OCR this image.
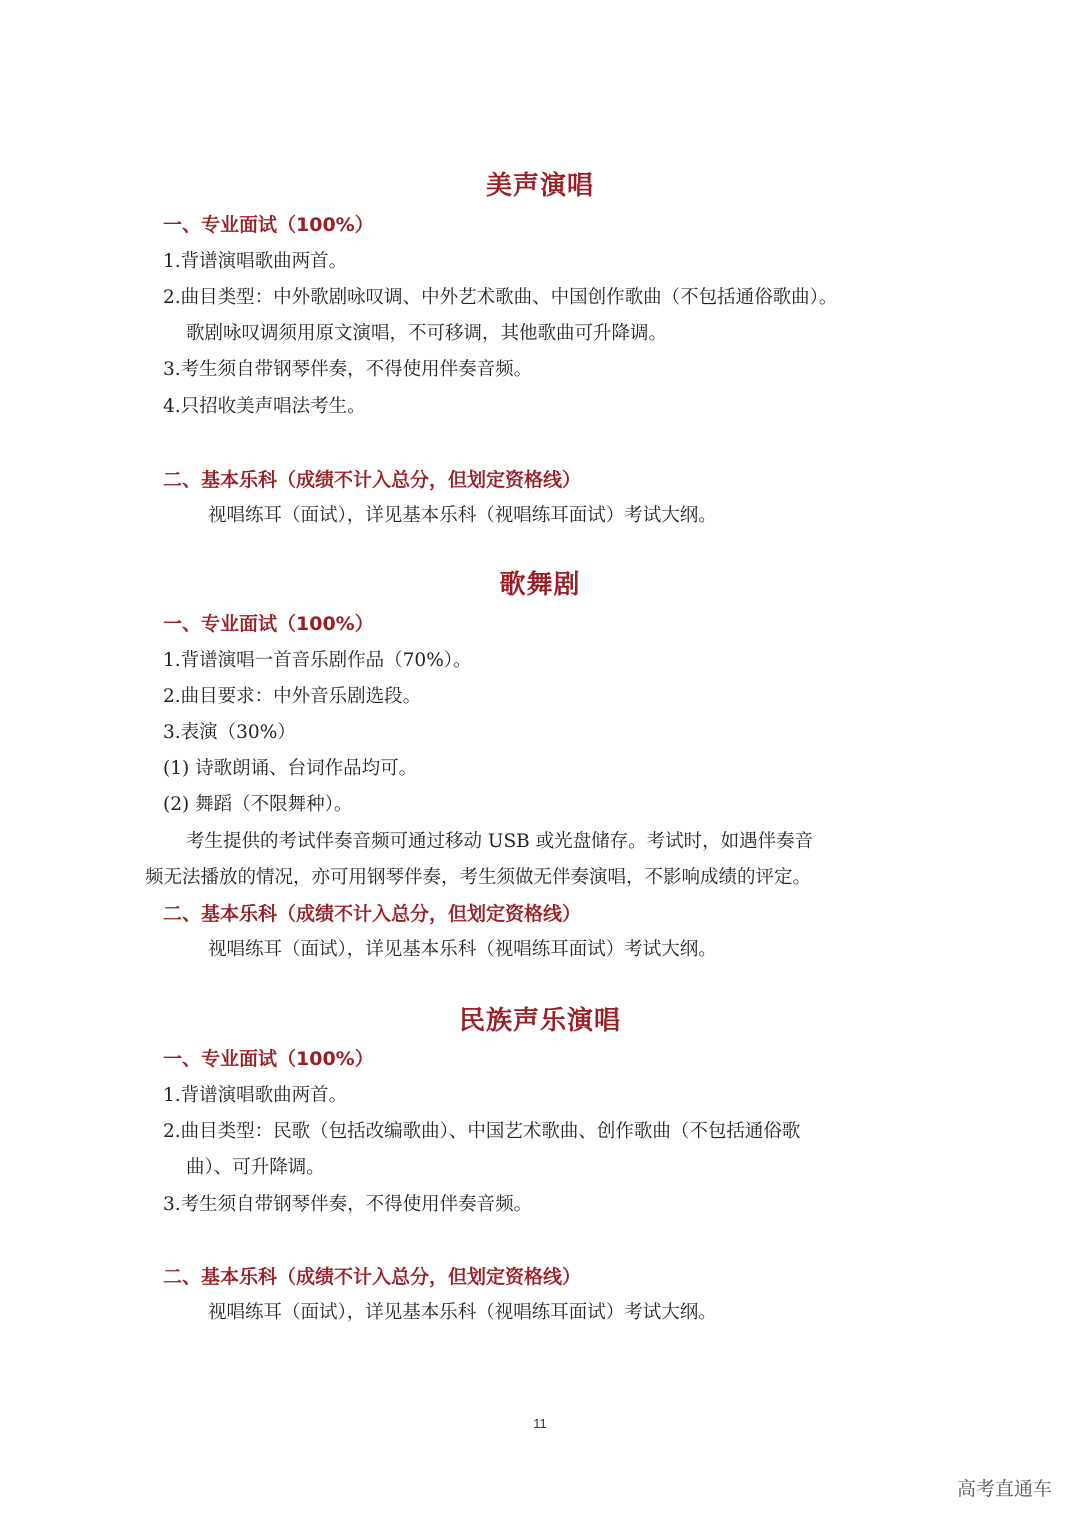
美声演唱
一、专业面试（100%）
1.背谱演唱歌曲两首。
2.曲目类型：中外歌剧咏叹调、中外艺术歌曲、中国创作歌曲（不包括通俗歌曲）。
歌剧咏叹调须用原文演唱，不可移调，其他歌曲可升降调。
3.考生须自带钢琴伴奏，不得使用伴奏音频。
4.只招收美声唱法考生。
二、基本乐科（成绩不计入总分，但划定资格线）
视唱练耳（面试），详见基本乐科（视唱练耳面试）考试大纲。
歌舞剧
一、专业面试（100%）
1.背谱演唱一首音乐剧作品（70%）。
2.曲目要求：中外音乐剧选段。
3.表演（30%）
(1) 诗歌朗诵、台词作品均可。
(2) 舞蹈（不限舞种）。
考生提供的考试伴奏音频可通过移动 USB 或光盘储存。考试时，如遇伴奏音
频无法播放的情况，亦可用钢琴伴奏，考生须做无伴奏演唱，不影响成绩的评定。
二、基本乐科（成绩不计入总分，但划定资格线）
视唱练耳（面试），详见基本乐科（视唱练耳面试）考试大纲。
民族声乐演唱
一、专业面试（100%）
1.背谱演唱歌曲两首。
2.曲目类型：民歌（包括改编歌曲）、中国艺术歌曲、创作歌曲（不包括通俗歌
曲）、可升降调。
3.考生须自带钢琴伴奏，不得使用伴奏音频。
二、基本乐科（成绩不计入总分，但划定资格线）
视唱练耳（面试），详见基本乐科（视唱练耳面试）考试大纲。
11
高考直通车
